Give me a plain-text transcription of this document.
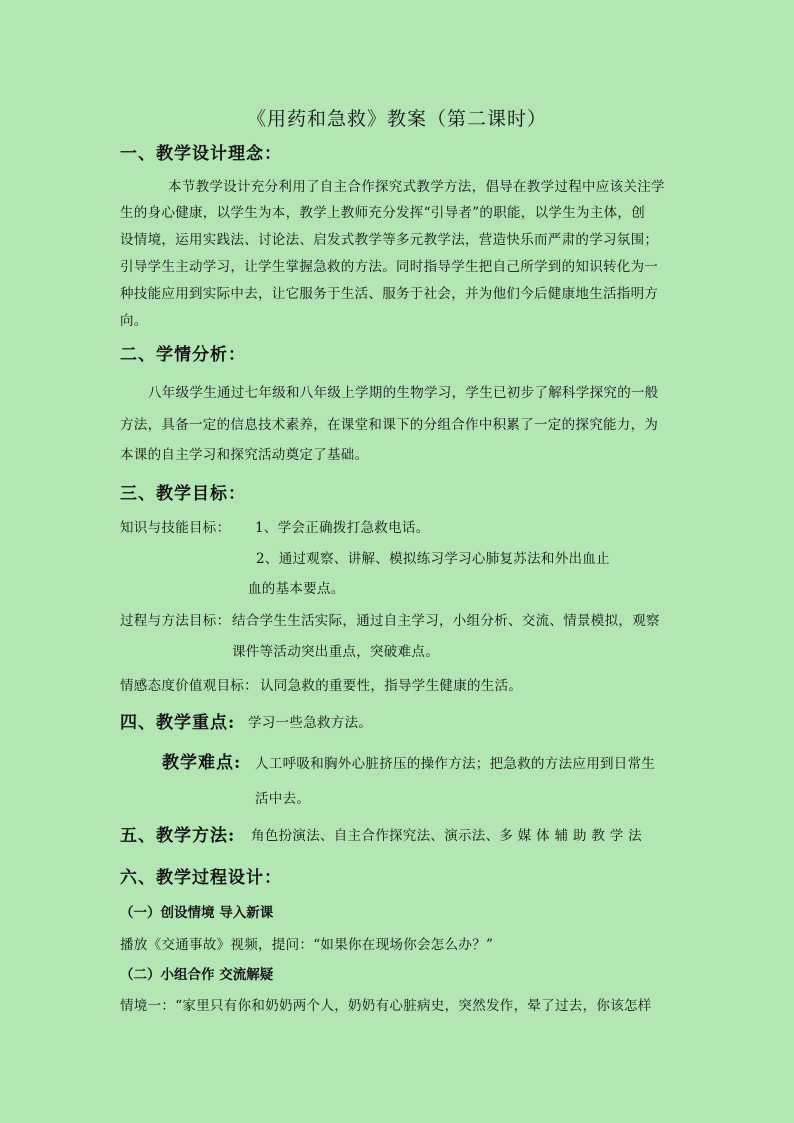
《用药和急救》教案（第二课时）
一、教学设计理念：
本节教学设计充分利用了自主合作探究式教学方法，倡导在教学过程中应该关注学
生的身心健康，以学生为本，教学上教师充分发挥“引导者”的职能，以学生为主体，创
设情境，运用实践法、讨论法、启发式教学等多元教学法，营造快乐而严肃的学习氛围；
引导学生主动学习，让学生掌握急救的方法。同时指导学生把自己所学到的知识转化为一
种技能应用到实际中去，让它服务于生活、服务于社会，并为他们今后健康地生活指明方
向。
二、学情分析：
八年级学生通过七年级和八年级上学期的生物学习，学生已初步了解科学探究的一般
方法，具备一定的信息技术素养，在课堂和课下的分组合作中积累了一定的探究能力，为
本课的自主学习和探究活动奠定了基础。
三、教学目标：
知识与技能目标： 1、学会正确拨打急救电话。
2、通过观察、讲解、模拟练习学习心肺复苏法和外出血止
血的基本要点。
过程与方法目标： 结合学生生活实际，通过自主学习，小组分析、交流、情景模拟，观察
课件等活动突出重点，突破难点。
情感态度价值观目标： 认同急救的重要性，指导学生健康的生活。
四、教学重点: 学习一些急救方法。
教学难点: 人工呼吸和胸外心脏挤压的操作方法；把急救的方法应用到日常生
活中去。
五、教学方法: 角色扮演法、自主合作探究法、演示法、多 媒 体 辅 助 教 学 法
六、教学过程设计：
（一）创设情境 导入新课
播放《交通事故》视频，提问：“如果你在现场你会怎么办？”
（二）小组合作 交流解疑
情境一：“家里只有你和奶奶两个人，奶奶有心脏病史，突然发作，晕了过去，你该怎样
